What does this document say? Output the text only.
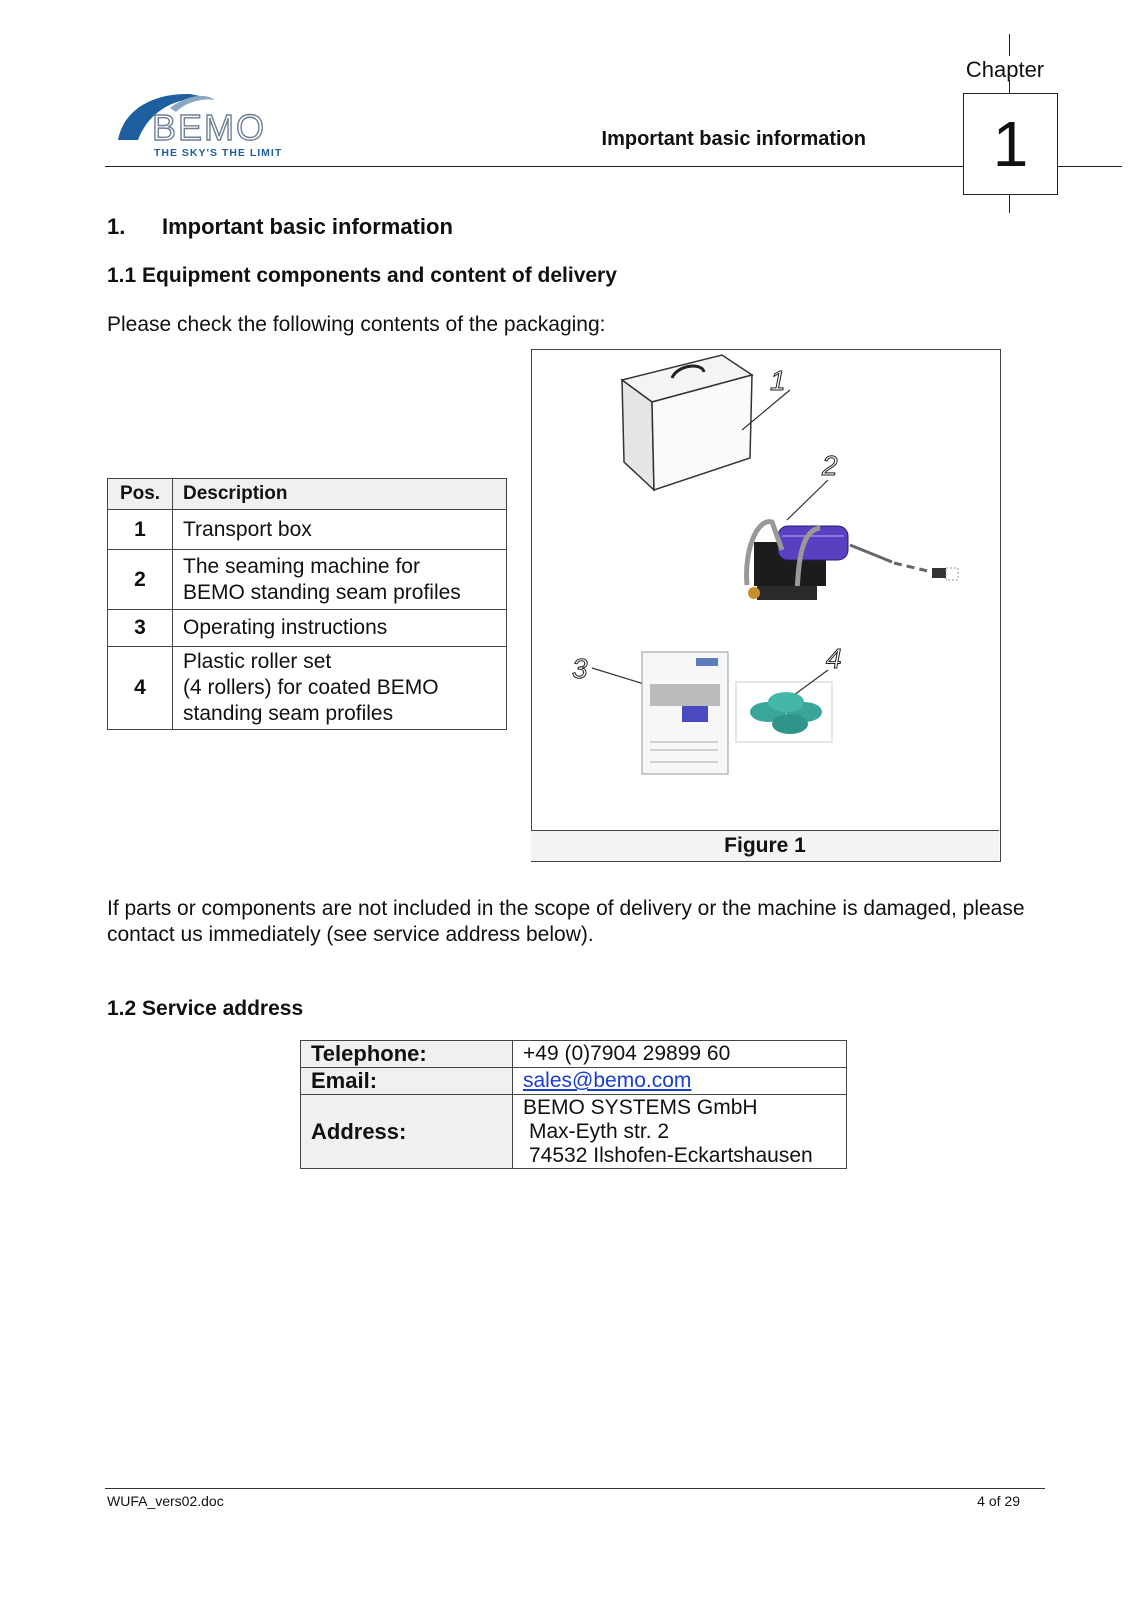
BEMO
THE SKY'S THE LIMIT
Important basic information
Chapter
1
1. Important basic information
1.1 Equipment components and content of delivery
Please check the following contents of the packaging:
Pos.	Description
1	Transport box
2	The seaming machine for
BEMO standing seam profiles

3	Operating instructions
4	Plastic roller set
(4 rollers) for coated BEMO
standing seam profiles
1
2
3	4
Figure 1
If parts or components are not included in the scope of delivery or the machine is damaged, please contact us immediately (see service address below).
1.2 Service address
Telephone:	+49 (0)7904 29899 60
Email:	sales@bemo.com
Address:	BEMO SYSTEMS GmbH
Max-Eyth str. 2
74532 Ilshofen-Eckartshausen
WUFA_vers02.doc	4 of 29
